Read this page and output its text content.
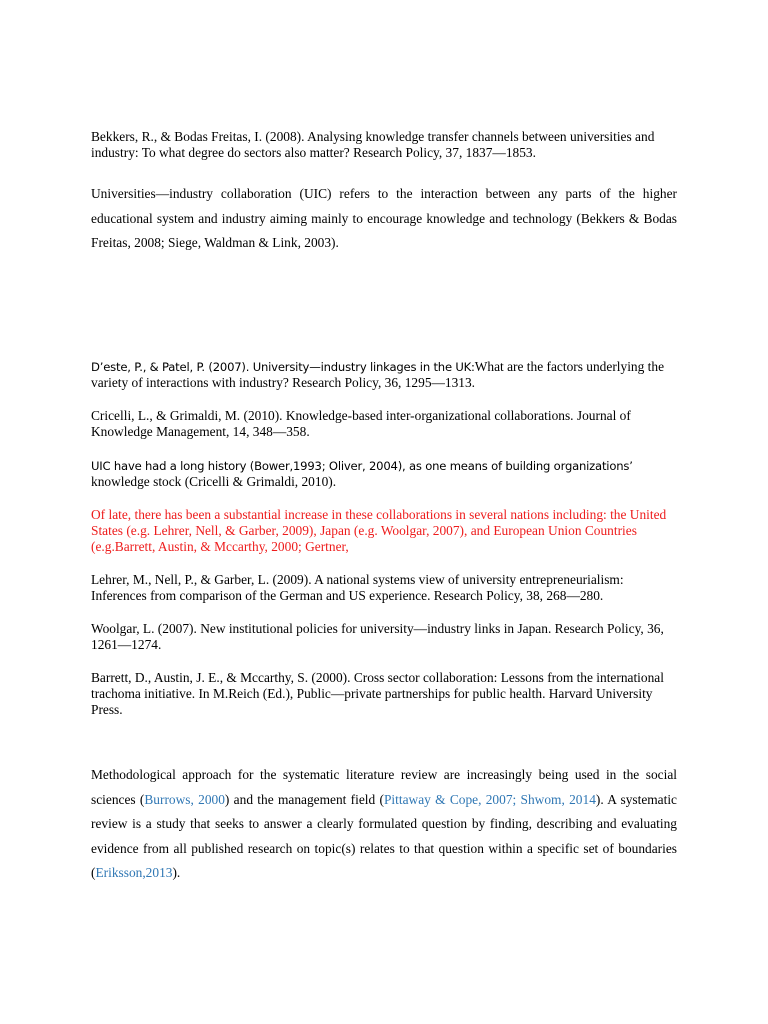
Bekkers, R., & Bodas Freitas, I. (2008). Analysing knowledge transfer channels between universities and industry: To what degree do sectors also matter? Research Policy, 37, 1837—1853.

Universities—industry collaboration (UIC) refers to the interaction between any parts of the higher educational system and industry aiming mainly to encourage knowledge and technology (Bekkers & Bodas Freitas, 2008; Siege, Waldman & Link, 2003).

D’este, P., & Patel, P. (2007). University—industry linkages in the UK:What are the factors underlying the variety of interactions with industry? Research Policy, 36, 1295—1313.

Cricelli, L., & Grimaldi, M. (2010). Knowledge-based inter-organizational collaborations. Journal of Knowledge Management, 14, 348—358.

UIC have had a long history (Bower,1993; Oliver, 2004), as one means of building organizations’ knowledge stock (Cricelli & Grimaldi, 2010).

Of late, there has been a substantial increase in these collaborations in several nations including: the United States (e.g. Lehrer, Nell, & Garber, 2009), Japan (e.g. Woolgar, 2007), and European Union Countries (e.g.Barrett, Austin, & Mccarthy, 2000; Gertner,

Lehrer, M., Nell, P., & Garber, L. (2009). A national systems view of university entrepreneurialism: Inferences from comparison of the German and US experience. Research Policy, 38, 268—280.

Woolgar, L. (2007). New institutional policies for university—industry links in Japan. Research Policy, 36, 1261—1274.

Barrett, D., Austin, J. E., & Mccarthy, S. (2000). Cross sector collaboration: Lessons from the international trachoma initiative. In M.Reich (Ed.), Public—private partnerships for public health. Harvard University Press.

Methodological approach for the systematic literature review are increasingly being used in the social sciences (Burrows, 2000) and the management field (Pittaway & Cope, 2007; Shwom, 2014). A systematic review is a study that seeks to answer a clearly formulated question by finding, describing and evaluating evidence from all published research on topic(s) relates to that question within a specific set of boundaries (Eriksson,2013).
